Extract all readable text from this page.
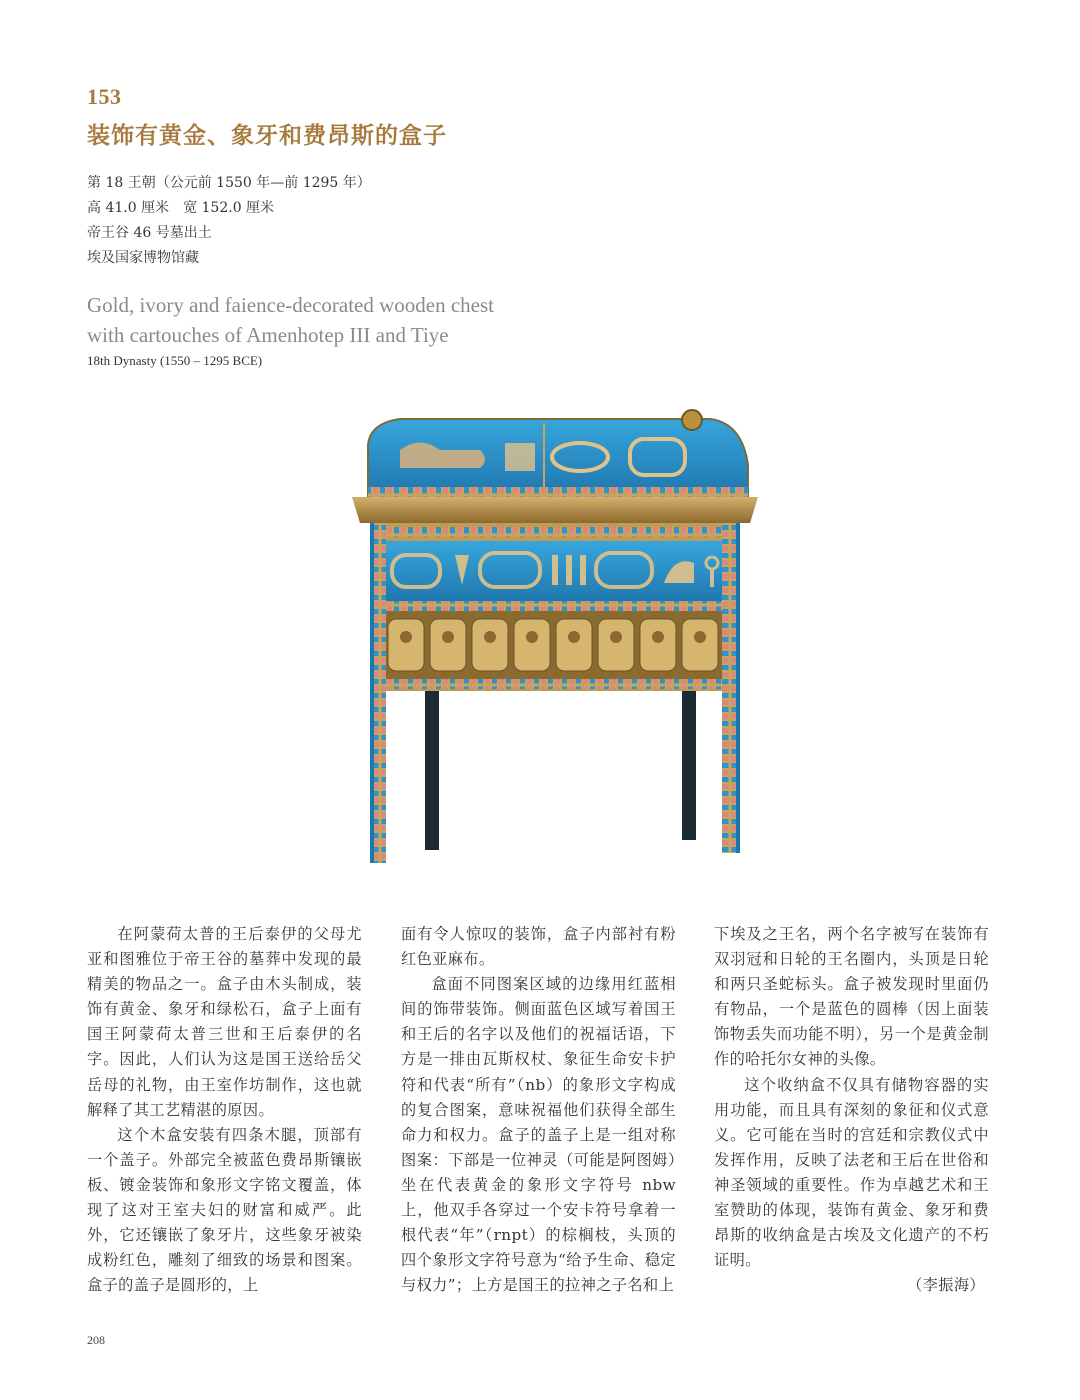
153
装饰有黄金、象牙和费昂斯的盒子
第 18 王朝（公元前 1550 年—前 1295 年）
高 41.0 厘米　宽 152.0 厘米
帝王谷 46 号墓出土
埃及国家博物馆藏
Gold, ivory and faience-decorated wooden chest
with cartouches of Amenhotep III and Tiye
18th Dynasty (1550 – 1295 BCE)

在阿蒙荷太普的王后泰伊的父母尤亚和图雅位于帝王谷的墓葬中发现的最精美的物品之一。盒子由木头制成，装饰有黄金、象牙和绿松石，盒子上面有国王阿蒙荷太普三世和王后泰伊的名字。因此，人们认为这是国王送给岳父岳母的礼物，由王室作坊制作，这也就解释了其工艺精湛的原因。

这个木盒安装有四条木腿，顶部有一个盖子。外部完全被蓝色费昂斯镶嵌板、镀金装饰和象形文字铭文覆盖，体现了这对王室夫妇的财富和威严。此外，它还镶嵌了象牙片，这些象牙被染成粉红色，雕刻了细致的场景和图案。盒子的盖子是圆形的，上

面有令人惊叹的装饰，盒子内部衬有粉红色亚麻布。

盒面不同图案区域的边缘用红蓝相间的饰带装饰。侧面蓝色区域写着国王和王后的名字以及他们的祝福话语，下方是一排由瓦斯权杖、象征生命安卡护符和代表“所有”（nb）的象形文字构成的复合图案，意味祝福他们获得全部生命力和权力。盒子的盖子上是一组对称图案：下部是一位神灵（可能是阿图姆）坐在代表黄金的象形文字符号 nbw 上，他双手各穿过一个安卡符号拿着一根代表“年”（rnpt）的棕榈枝，头顶的四个象形文字符号意为“给予生命、稳定与权力”；上方是国王的拉神之子名和上

下埃及之王名，两个名字被写在装饰有双羽冠和日轮的王名圈内，头顶是日轮和两只圣蛇标头。盒子被发现时里面仍有物品，一个是蓝色的圆棒（因上面装饰物丢失而功能不明），另一个是黄金制作的哈托尔女神的头像。

这个收纳盒不仅具有储物容器的实用功能，而且具有深刻的象征和仪式意义。它可能在当时的宫廷和宗教仪式中发挥作用，反映了法老和王后在世俗和神圣领域的重要性。作为卓越艺术和王室赞助的体现，装饰有黄金、象牙和费昂斯的收纳盒是古埃及文化遗产的不朽证明。

（李振海）
208
